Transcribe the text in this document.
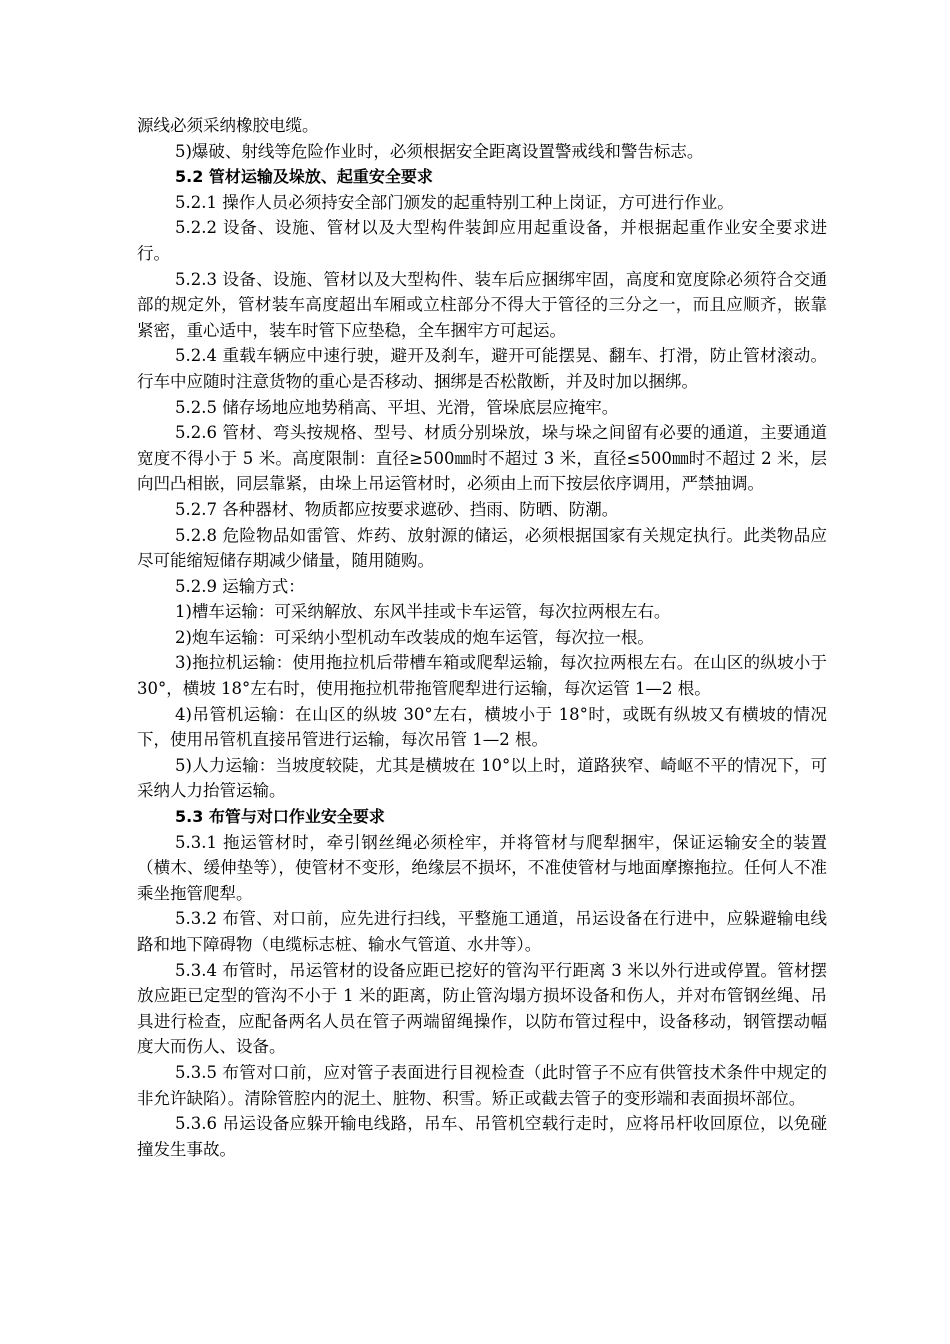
源线必须采纳橡胶电缆。

5)爆破、射线等危险作业时，必须根据安全距离设置警戒线和警告标志。

5.2 管材运输及垛放、起重安全要求

5.2.1 操作人员必须持安全部门颁发的起重特别工种上岗证，方可进行作业。

5.2.2 设备、设施、管材以及大型构件装卸应用起重设备，并根据起重作业安全要求进行。

5.2.3 设备、设施、管材以及大型构件、装车后应捆绑牢固，高度和宽度除必须符合交通部的规定外，管材装车高度超出车厢或立柱部分不得大于管径的三分之一，而且应顺齐，嵌靠紧密，重心适中，装车时管下应垫稳，全车捆牢方可起运。

5.2.4 重载车辆应中速行驶，避开及刹车，避开可能摆晃、翻车、打滑，防止管材滚动。行车中应随时注意货物的重心是否移动、捆绑是否松散断，并及时加以捆绑。

5.2.5 储存场地应地势稍高、平坦、光滑，管垛底层应掩牢。

5.2.6 管材、弯头按规格、型号、材质分别垛放，垛与垛之间留有必要的通道，主要通道宽度不得小于 5 米。高度限制：直径≥500㎜时不超过 3 米，直径≤500㎜时不超过 2 米，层向凹凸相嵌，同层靠紧，由垛上吊运管材时，必须由上而下按层依序调用，严禁抽调。

5.2.7 各种器材、物质都应按要求遮砂、挡雨、防晒、防潮。

5.2.8 危险物品如雷管、炸药、放射源的储运，必须根据国家有关规定执行。此类物品应尽可能缩短储存期减少储量，随用随购。

5.2.9 运输方式：

1)槽车运输：可采纳解放、东风半挂或卡车运管，每次拉两根左右。

2)炮车运输：可采纳小型机动车改装成的炮车运管，每次拉一根。

3)拖拉机运输：使用拖拉机后带槽车箱或爬犁运输，每次拉两根左右。在山区的纵坡小于 30°，横坡 18°左右时，使用拖拉机带拖管爬犁进行运输，每次运管 1—2 根。

4)吊管机运输：在山区的纵坡 30°左右，横坡小于 18°时，或既有纵坡又有横坡的情况下，使用吊管机直接吊管进行运输，每次吊管 1—2 根。

5)人力运输：当坡度较陡，尤其是横坡在 10°以上时，道路狭窄、崎岖不平的情况下，可采纳人力抬管运输。

5.3 布管与对口作业安全要求

5.3.1 拖运管材时，牵引钢丝绳必须栓牢，并将管材与爬犁捆牢，保证运输安全的装置（横木、缓伸垫等），使管材不变形，绝缘层不损坏，不准使管材与地面摩擦拖拉。任何人不准乘坐拖管爬犁。

5.3.2 布管、对口前，应先进行扫线，平整施工通道，吊运设备在行进中，应躲避输电线路和地下障碍物（电缆标志桩、输水气管道、水井等）。

5.3.4 布管时，吊运管材的设备应距已挖好的管沟平行距离 3 米以外行进或停置。管材摆放应距已定型的管沟不小于 1 米的距离，防止管沟塌方损坏设备和伤人，并对布管钢丝绳、吊具进行检查，应配备两名人员在管子两端留绳操作，以防布管过程中，设备移动，钢管摆动幅度大而伤人、设备。

5.3.5 布管对口前，应对管子表面进行目视检查（此时管子不应有供管技术条件中规定的非允许缺陷）。清除管腔内的泥土、脏物、积雪。矫正或截去管子的变形端和表面损坏部位。

5.3.6 吊运设备应躲开输电线路，吊车、吊管机空载行走时，应将吊杆收回原位，以免碰撞发生事故。
